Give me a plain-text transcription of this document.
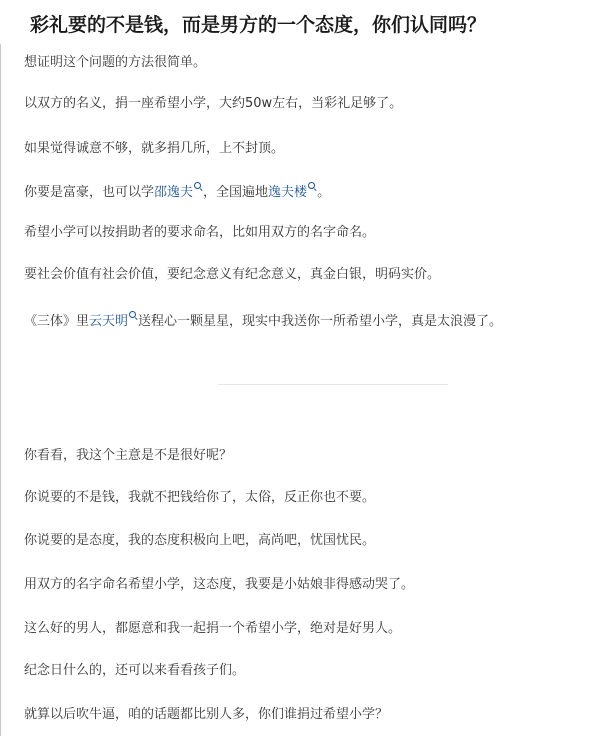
彩礼要的不是钱，而是男方的一个态度，你们认同吗？
想证明这个问题的方法很简单。
以双方的名义，捐一座希望小学，大约50w左右，当彩礼足够了。
如果觉得诚意不够，就多捐几所，上不封顶。
你要是富豪，也可以学邵逸夫 ，全国遍地逸夫楼 。
希望小学可以按捐助者的要求命名，比如用双方的名字命名。
要社会价值有社会价值，要纪念意义有纪念意义，真金白银，明码实价。
《三体》里云天明 送程心一颗星星，现实中我送你一所希望小学，真是太浪漫了。
你看看，我这个主意是不是很好呢？
你说要的不是钱，我就不把钱给你了，太俗，反正你也不要。
你说要的是态度，我的态度积极向上吧，高尚吧，忧国忧民。
用双方的名字命名希望小学，这态度，我要是小姑娘非得感动哭了。
这么好的男人，都愿意和我一起捐一个希望小学，绝对是好男人。
纪念日什么的，还可以来看看孩子们。
就算以后吹牛逼，咱的话题都比别人多，你们谁捐过希望小学？
